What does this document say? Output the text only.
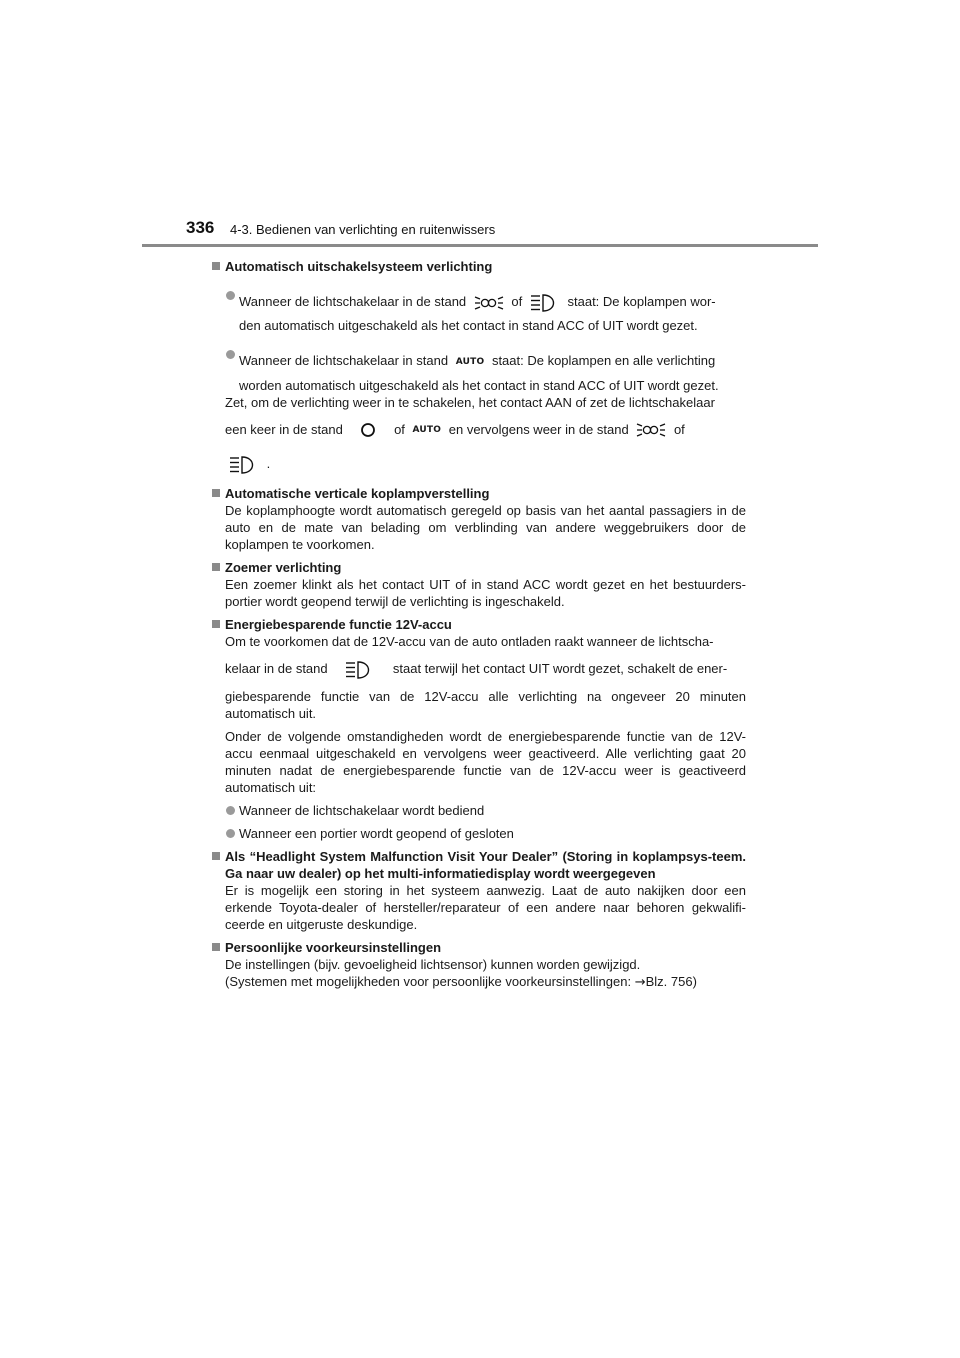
336 4-3. Bedienen van verlichting en ruitenwissers
Automatisch uitschakelsysteem verlichting
Wanneer de lichtschakelaar in de stand	of	staat: De koplampen wor-
den automatisch uitgeschakeld als het contact in stand ACC of UIT wordt gezet.
Wanneer de lichtschakelaar in stand AUTO staat: De koplampen en alle verlichting
worden automatisch uitgeschakeld als het contact in stand ACC of UIT wordt gezet.
Zet, om de verlichting weer in te schakelen, het contact AAN of zet de lichtschakelaar
een keer in de stand	of AUTO en vervolgens weer in de stand	of
.
Automatische verticale koplampverstelling
De koplamphoogte wordt automatisch geregeld op basis van het aantal passagiers in de auto en de mate van belading om verblinding van andere weggebruikers door de koplampen te voorkomen.
Zoemer verlichting
Een zoemer klinkt als het contact UIT of in stand ACC wordt gezet en het bestuurders-portier wordt geopend terwijl de verlichting is ingeschakeld.
Energiebesparende functie 12V-accu
Om te voorkomen dat de 12V-accu van de auto ontladen raakt wanneer de lichtscha-
kelaar in de stand	staat terwijl het contact UIT wordt gezet, schakelt de ener-
giebesparende functie van de 12V-accu alle verlichting na ongeveer 20 minuten automatisch uit.
Onder de volgende omstandigheden wordt de energiebesparende functie van de 12V-accu eenmaal uitgeschakeld en vervolgens weer geactiveerd. Alle verlichting gaat 20 minuten nadat de energiebesparende functie van de 12V-accu weer is geactiveerd automatisch uit:
Wanneer de lichtschakelaar wordt bediend
Wanneer een portier wordt geopend of gesloten
Als “Headlight System Malfunction Visit Your Dealer” (Storing in koplampsys-teem. Ga naar uw dealer) op het multi-informatiedisplay wordt weergegeven
Er is mogelijk een storing in het systeem aanwezig. Laat de auto nakijken door een erkende Toyota-dealer of hersteller/reparateur of een andere naar behoren gekwalifi-ceerde en uitgeruste deskundige.
Persoonlijke voorkeursinstellingen
De instellingen (bijv. gevoeligheid lichtsensor) kunnen worden gewijzigd.
(Systemen met mogelijkheden voor persoonlijke voorkeursinstellingen: →Blz. 756)
